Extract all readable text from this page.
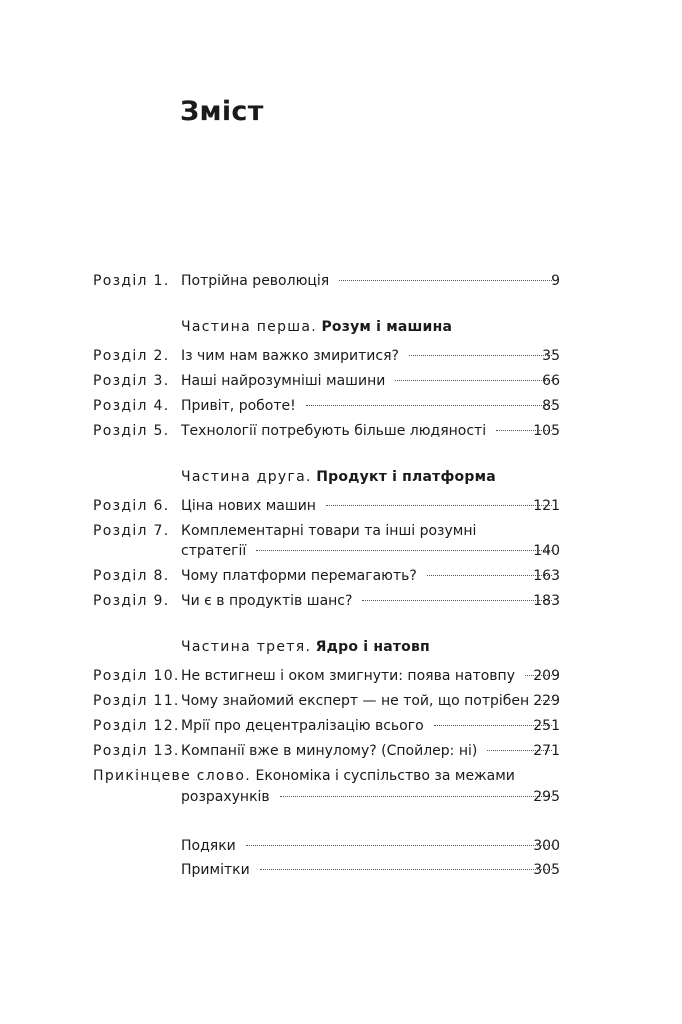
Зміст
Розділ 1. Потрійна революція	9
Частина перша. Розум і машина
Розділ 2. Із чим нам важко змиритися?	35
Розділ 3. Наші найрозумніші машини	66
Розділ 4. Привіт, роботе!	85
Розділ 5. Технології потребують більше людяності	105
Частина друга. Продукт і платформа
Розділ 6. Ціна нових машин	121
Розділ 7. Комплементарні товари та інші розумні
стратегії	140
Розділ 8. Чому платформи перемагають?	163
Розділ 9. Чи є в продуктів шанс?	183
Частина третя. Ядро і натовп
Розділ 10. Не встигнеш і оком змигнути: поява натовпу 209
Розділ 11. Чому знайомий експерт — не той, що потрібен 229
Розділ 12. Мрії про децентралізацію всього	251
Розділ 13. Компанії вже в минулому? (Спойлер: ні)	271
Прикінцеве слово. Економіка і суспільство за межами
розрахунків	295
Подяки	300
Примітки	305
